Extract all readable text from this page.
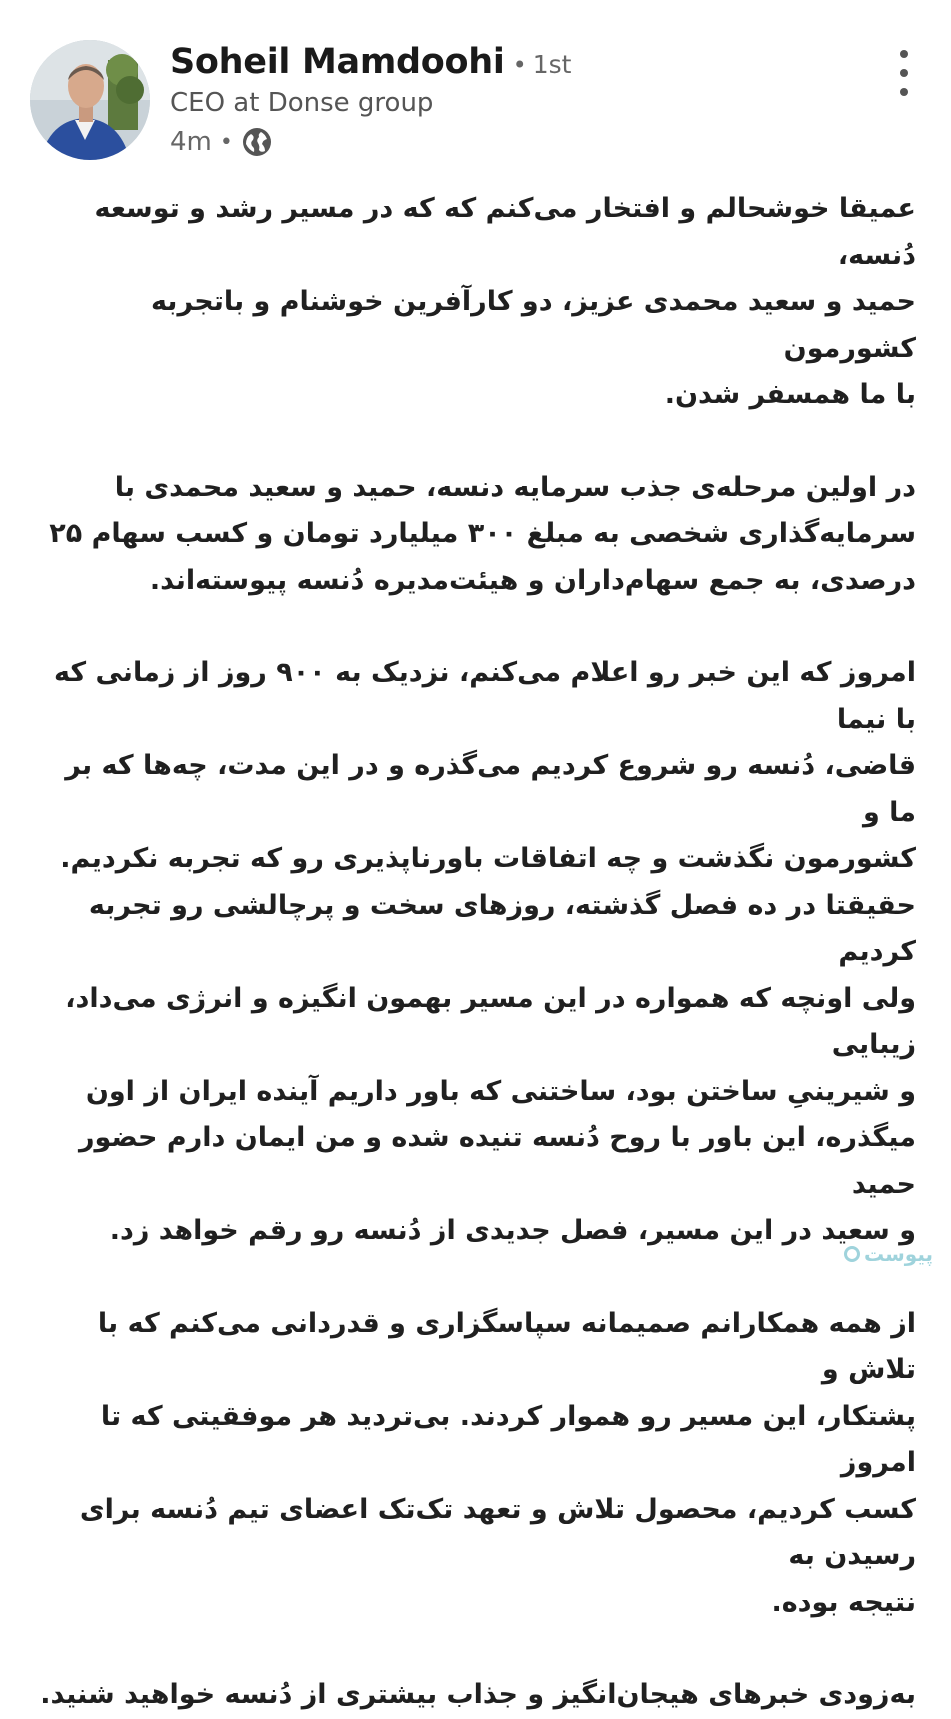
Soheil Mamdoohi • 1st
CEO at Donse group
4m •

عمیقا خوشحالم و افتخار می‌کنم که که در مسیر رشد و توسعه دُنسه،
حمید و سعید محمدی عزیز، دو کارآفرین خوشنام و باتجربه کشورمون
با ما همسفر شدن.

در اولین مرحله‌ی جذب سرمایه دنسه، حمید و سعید محمدی با
سرمایه‌گذاری شخصی به مبلغ ۳۰۰ میلیارد تومان و کسب سهام ۲۵
درصدی، به جمع سهام‌داران و هیئت‌مدیره دُنسه پیوسته‌اند.

امروز که این خبر رو اعلام می‌کنم، نزدیک به ۹۰۰ روز از زمانی که با نیما
قاضی، دُنسه رو شروع کردیم می‌گذره و در این مدت، چه‌ها که بر ما و
کشورمون نگذشت و چه اتفاقات باورناپذیری رو که تجربه نکردیم.
حقیقتا در ده فصل گذشته، روزهای سخت و پرچالشی رو تجربه کردیم
ولی اونچه که همواره در این مسیر بهمون انگیزه و انرژی می‌داد، زیبایی
و شیرینیِ ساختن بود، ساختنی که باور داریم آینده ایران از اون
میگذره، این باور با روح دُنسه تنیده شده و من ایمان دارم حضور حمید
و سعید در این مسیر، فصل جدیدی از دُنسه رو رقم خواهد زد.

از همه همکارانم صمیمانه سپاسگزاری و قدردانی می‌کنم که با تلاش و
پشتکار، این مسیر رو هموار کردند. بی‌تردید هر موفقیتی که تا امروز
کسب کردیم، محصول تلاش و تعهد تک‌تک اعضای تیم دُنسه برای
رسیدن به
نتیجه بوده.

به‌زودی خبرهای هیجان‌انگیز و جذاب بیشتری از دُنسه خواهید شنید.

پیوست
